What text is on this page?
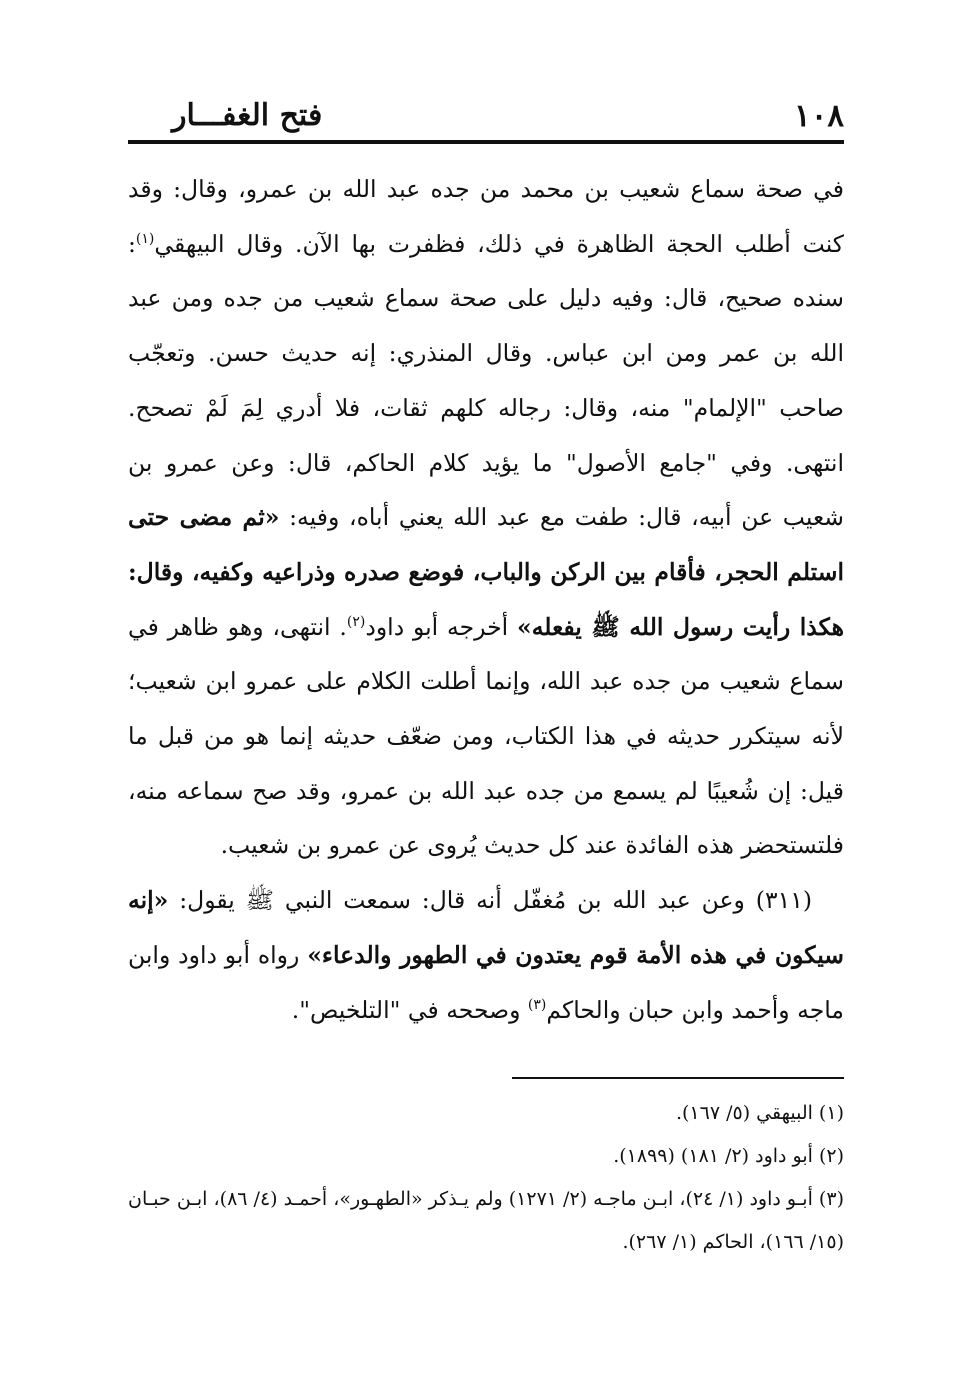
١٠٨
فتح الغفـــار

في صحة سماع شعيب بن محمد من جده عبد الله بن عمرو، وقال: وقد كنت أطلب الحجة الظاهرة في ذلك، فظفرت بها الآن. وقال البيهقي$^{(١)}$: سنده صحيح، قال: وفيه دليل على صحة سماع شعيب من جده ومن عبد الله بن عمر ومن ابن عباس. وقال المنذري: إنه حديث حسن. وتعجّب صاحب "الإلمام" منه، وقال: رجاله كلهم ثقات، فلا أدري لِمَ لَمْ تصحح. انتهى. وفي "جامع الأصول" ما يؤيد كلام الحاكم، قال: وعن عمرو بن شعيب عن أبيه، قال: طفت مع عبد الله يعني أباه، وفيه: «ثم مضى حتى استلم الحجر، فأقام بين الركن والباب، فوضع صدره وذراعيه وكفيه، وقال: هكذا رأيت رسول الله ﷺ يفعله» أخرجه أبو داود$^{(٢)}$. انتهى، وهو ظاهر في سماع شعيب من جده عبد الله، وإنما أطلت الكلام على عمرو ابن شعيب؛ لأنه سيتكرر حديثه في هذا الكتاب، ومن ضعّف حديثه إنما هو من قبل ما قيل: إن شُعيبًا لم يسمع من جده عبد الله بن عمرو، وقد صح سماعه منه، فلتستحضر هذه الفائدة عند كل حديث يُروى عن عمرو بن شعيب.

(٣١١) وعن عبد الله بن مُغفّل أنه قال: سمعت النبي ﷺ يقول: «إنه سيكون في هذه الأمة قوم يعتدون في الطهور والدعاء» رواه أبو داود وابن ماجه وأحمد وابن حبان والحاكم$^{(٣)}$ وصححه في "التلخيص".

(١) البيهقي (٥/ ١٦٧).

(٢) أبو داود (٢/ ١٨١) (١٨٩٩).

(٣) أبـو داود (١/ ٢٤)، ابـن ماجـه (٢/ ١٢٧١) ولم يـذكر «الطهـور»، أحمـد (٤/ ٨٦)، ابـن حبـان (١٥/ ١٦٦)، الحاكم (١/ ٢٦٧).
